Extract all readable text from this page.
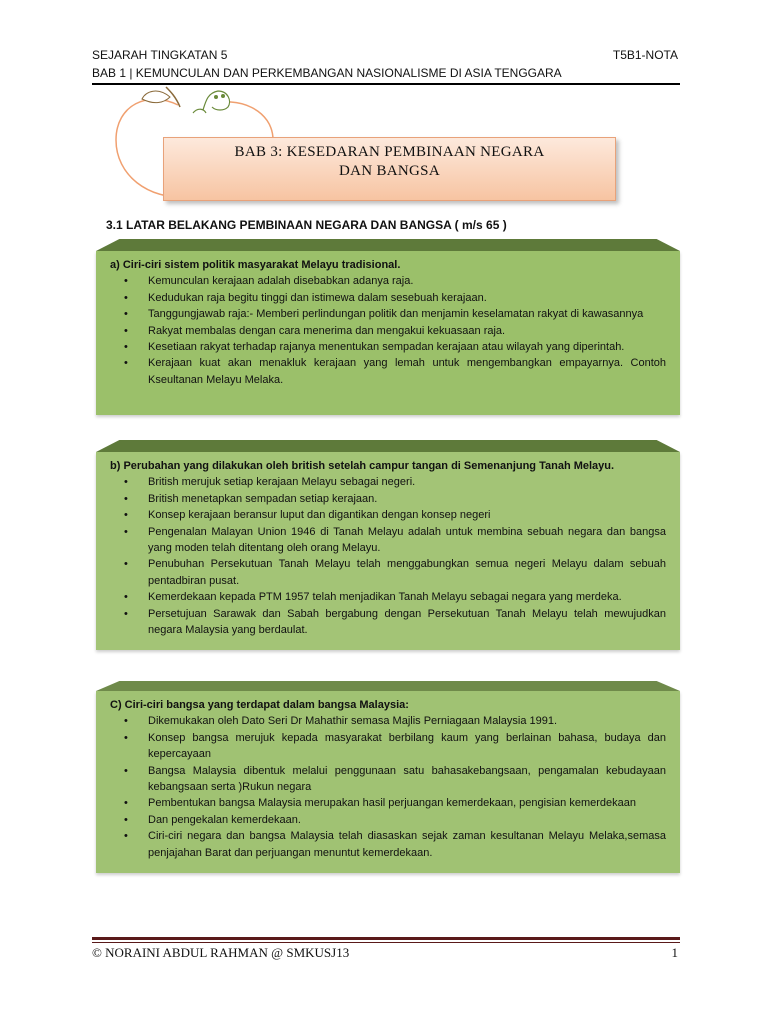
SEJARAH TINGKATAN 5	T5B1-NOTA
BAB 1 | KEMUNCULAN DAN PERKEMBANGAN NASIONALISME DI ASIA TENGGARA
BAB 3: KESEDARAN PEMBINAAN NEGARA
DAN BANGSA
3.1 LATAR BELAKANG PEMBINAAN NEGARA DAN BANGSA ( m/s 65 )
a) Ciri-ciri sistem politik masyarakat Melayu tradisional.
• Kemunculan kerajaan adalah disebabkan adanya raja.
• Kedudukan raja begitu tinggi dan istimewa dalam sesebuah kerajaan.
• Tanggungjawab raja:- Memberi perlindungan politik dan menjamin keselamatan rakyat di kawasannya
• Rakyat membalas dengan cara menerima dan mengakui kekuasaan raja.
• Kesetiaan rakyat terhadap rajanya menentukan sempadan kerajaan atau wilayah yang diperintah.
• Kerajaan kuat akan menakluk kerajaan yang lemah untuk mengembangkan empayarnya. Contoh Kseultanan Melayu Melaka.
b) Perubahan yang dilakukan oleh british setelah campur tangan di Semenanjung Tanah Melayu.
• British merujuk setiap kerajaan Melayu sebagai negeri.
• British menetapkan sempadan setiap kerajaan.
• Konsep kerajaan beransur luput dan digantikan dengan konsep negeri
• Pengenalan Malayan Union 1946 di Tanah Melayu adalah untuk membina sebuah negara dan bangsa yang moden telah ditentang oleh orang Melayu.
• Penubuhan Persekutuan Tanah Melayu telah menggabungkan semua negeri Melayu dalam sebuah pentadbiran pusat.
• Kemerdekaan kepada PTM 1957 telah menjadikan Tanah Melayu sebagai negara yang merdeka.
• Persetujuan Sarawak dan Sabah bergabung dengan Persekutuan Tanah Melayu telah mewujudkan negara Malaysia yang berdaulat.
C) Ciri-ciri bangsa yang terdapat dalam bangsa Malaysia:
• Dikemukakan oleh Dato Seri Dr Mahathir semasa Majlis Perniagaan Malaysia 1991.
• Konsep bangsa merujuk kepada masyarakat berbilang kaum yang berlainan bahasa, budaya dan kepercayaan
• Bangsa Malaysia dibentuk melalui penggunaan satu bahasakebangsaan, pengamalan kebudayaan kebangsaan serta )Rukun negara
• Pembentukan bangsa Malaysia merupakan hasil perjuangan kemerdekaan, pengisian kemerdekaan
• Dan pengekalan kemerdekaan.
• Ciri-ciri negara dan bangsa Malaysia telah diasaskan sejak zaman kesultanan Melayu Melaka,semasa penjajahan Barat dan perjuangan menuntut kemerdekaan.
© NORAINI ABDUL RAHMAN @ SMKUSJ13	1
